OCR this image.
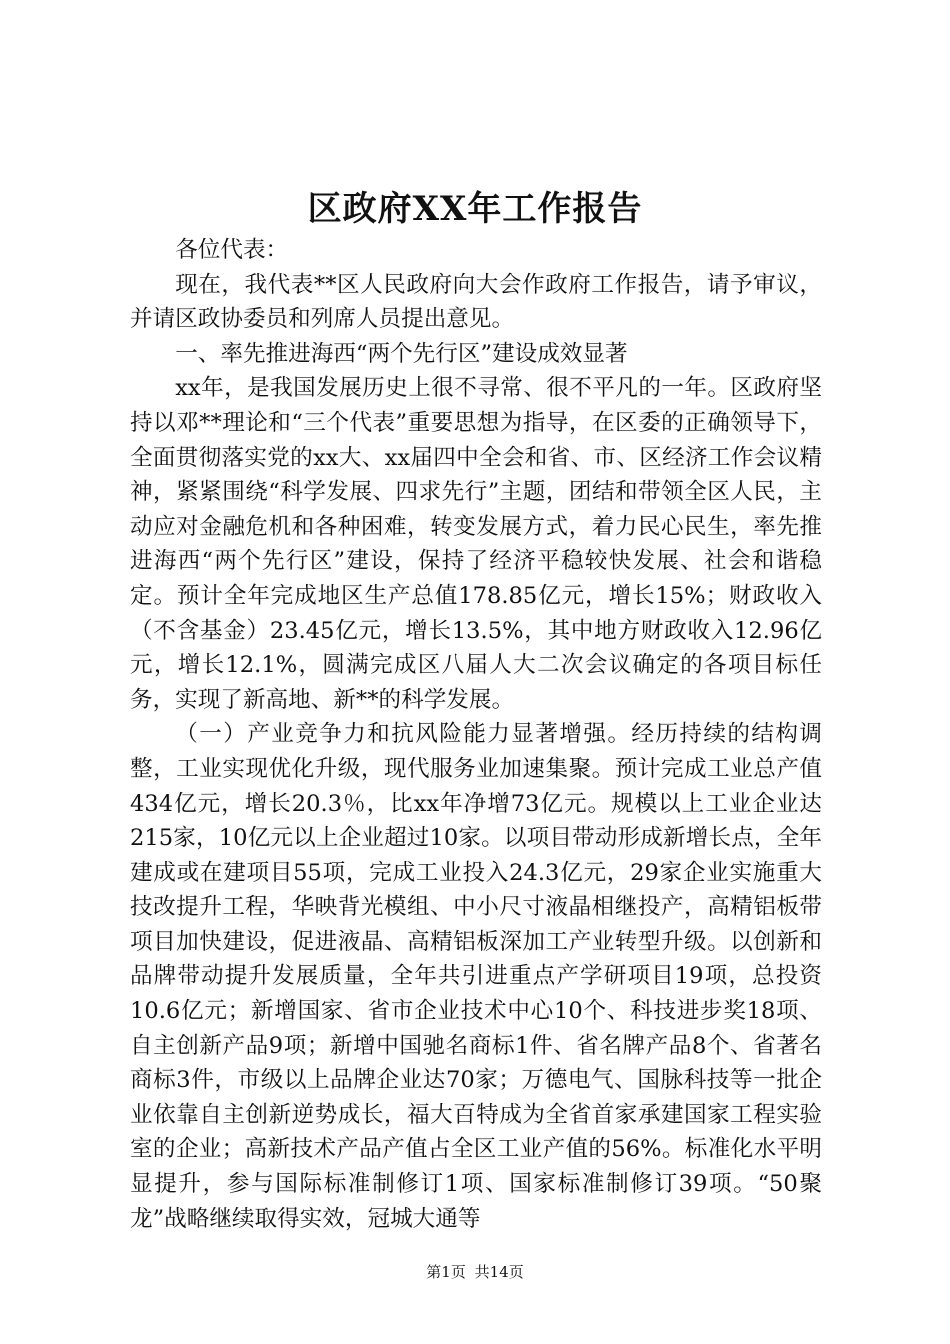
区政府XX年工作报告

各位代表：

现在，我代表**区人民政府向大会作政府工作报告，请予审议，并请区政协委员和列席人员提出意见。

一、率先推进海西“两个先行区”建设成效显著

xx年，是我国发展历史上很不寻常、很不平凡的一年。区政府坚持以邓**理论和“三个代表”重要思想为指导，在区委的正确领导下，全面贯彻落实党的xx大、xx届四中全会和省、市、区经济工作会议精神，紧紧围绕“科学发展、四求先行”主题，团结和带领全区人民，主动应对金融危机和各种困难，转变发展方式，着力民心民生，率先推进海西“两个先行区”建设，保持了经济平稳较快发展、社会和谐稳定。预计全年完成地区生产总值178.85亿元，增长15%；财政收入（不含基金）23.45亿元，增长13.5%，其中地方财政收入12.96亿元，增长12.1%，圆满完成区八届人大二次会议确定的各项目标任务，实现了新高地、新**的科学发展。

（一）产业竞争力和抗风险能力显著增强。经历持续的结构调整，工业实现优化升级，现代服务业加速集聚。预计完成工业总产值434亿元，增长20.3％，比xx年净增73亿元。规模以上工业企业达215家，10亿元以上企业超过10家。以项目带动形成新增长点，全年建成或在建项目55项，完成工业投入24.3亿元，29家企业实施重大技改提升工程，华映背光模组、中小尺寸液晶相继投产，高精铝板带项目加快建设，促进液晶、高精铝板深加工产业转型升级。以创新和品牌带动提升发展质量，全年共引进重点产学研项目19项，总投资10.6亿元；新增国家、省市企业技术中心10个、科技进步奖18项、自主创新产品9项；新增中国驰名商标1件、省名牌产品8个、省著名商标3件，市级以上品牌企业达70家；万德电气、国脉科技等一批企业依靠自主创新逆势成长，福大百特成为全省首家承建国家工程实验室的企业；高新技术产品产值占全区工业产值的56%。标准化水平明显提升，参与国际标准制修订1项、国家标准制修订39项。“50聚龙”战略继续取得实效，冠城大通等

第1页 共14页
